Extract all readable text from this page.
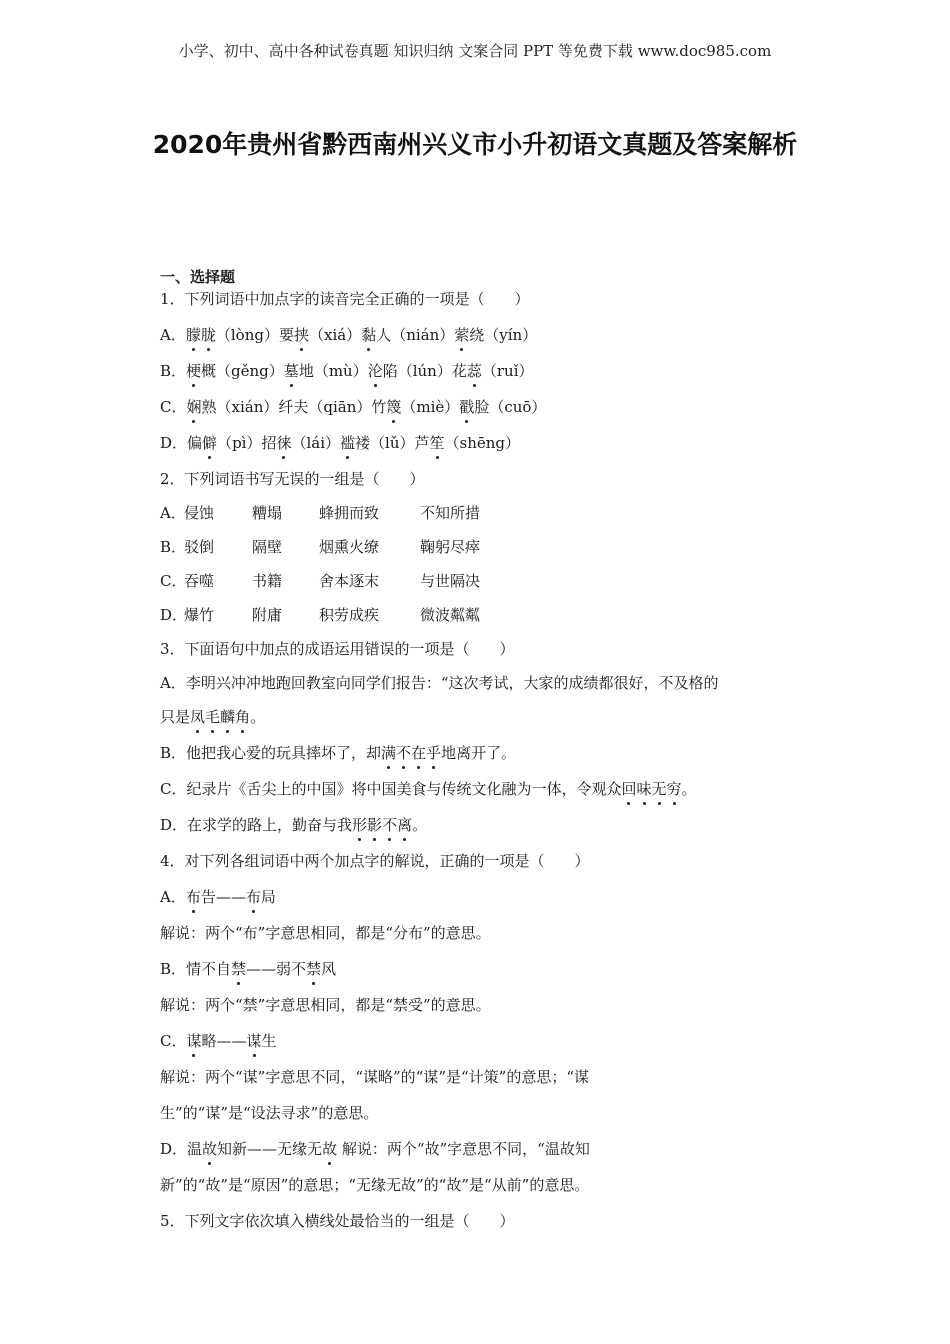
小学、初中、高中各种试卷真题 知识归纳 文案合同 PPT 等免费下载 www.doc985.com
2020年贵州省黔西南州兴义市小升初语文真题及答案解析
一、选择题
1．下列词语中加点字的读音完全正确的一项是（　　）
A．朦胧（lòng）要挟（xiá）黏人（nián）萦绕（yín）
B．梗概（gěng）墓地（mù）沦陷（lún）花蕊（ruǐ）
C．娴熟（xián）纤夫（qiān）竹篾（miè）戳脸（cuō）
D．偏僻（pì）招徕（lái）褴褛（lǔ）芦笙（shēng）
2．下列词语书写无误的一组是（　　）
A．
侵蚀	糟塌	蜂拥而致	不知所措
B．
驳倒	隔壁	烟熏火缭	鞠躬尽瘁
C．
吞噬	书籍	舍本逐末	与世隔决
D．
爆竹	附庸	积劳成疾	微波粼粼
3．下面语句中加点的成语运用错误的一项是（　　）
A．李明兴冲冲地跑回教室向同学们报告：“这次考试，大家的成绩都很好，不及格的
只是凤毛麟角。
B．他把我心爱的玩具摔坏了，却满不在乎地离开了。
C．纪录片《舌尖上的中国》将中国美食与传统文化融为一体，令观众回味无穷。
D．在求学的路上，勤奋与我形影不离。
4．对下列各组词语中两个加点字的解说，正确的一项是（　　）
A．布告——布局
解说：两个“布”字意思相同，都是“分布”的意思。
B．情不自禁——弱不禁风
解说：两个“禁”字意思相同，都是“禁受”的意思。
C．谋略——谋生
解说：两个“谋”字意思不同，“谋略”的“谋”是“计策”的意思；“谋
生”的“谋”是“设法寻求”的意思。
D．温故知新——无缘无故 解说：两个“故”字意思不同，“温故知
新”的“故”是“原因”的意思；“无缘无故”的“故”是“从前”的意思。
5．下列文字依次填入横线处最恰当的一组是（　　）
